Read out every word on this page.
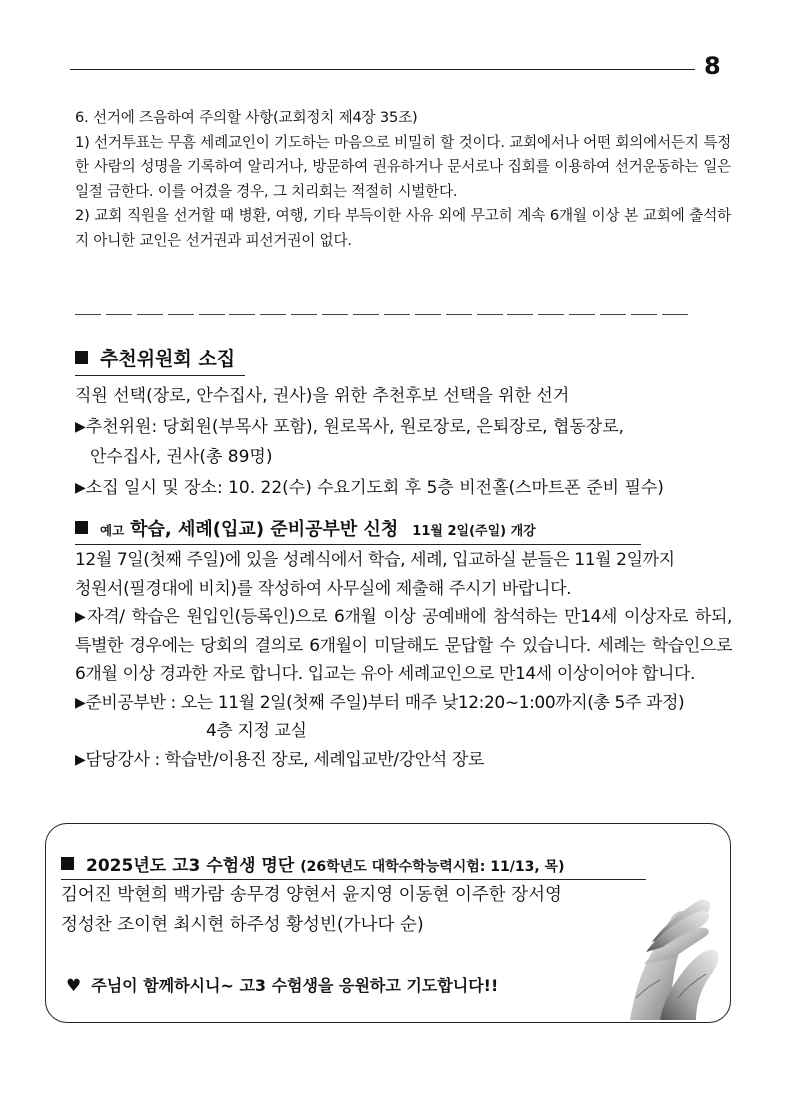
8

6. 선거에 즈음하여 주의할 사항(교회정치 제4장 35조)

1) 선거투표는 무흠 세례교인이 기도하는 마음으로 비밀히 할 것이다. 교회에서나 어떤 회의에서든지 특정한 사람의 성명을 기록하여 알리거나, 방문하여 권유하거나 문서로나 집회를 이용하여 선거운동하는 일은 일절 금한다. 이를 어겼을 경우, 그 치리회는 적절히 시벌한다.

2) 교회 직원을 선거할 때 병환, 여행, 기타 부득이한 사유 외에 무고히 계속 6개월 이상 본 교회에 출석하지 아니한 교인은 선거권과 피선거권이 없다.

추천위원회 소집

직원 선택(장로, 안수집사, 권사)을 위한 추천후보 선택을 위한 선거

▶추천위원: 당회원(부목사 포함), 원로목사, 원로장로, 은퇴장로, 협동장로,

안수집사, 권사(총 89명)

▶소집 일시 및 장소: 10. 22(수) 수요기도회 후 5층 비전홀(스마트폰 준비 필수)

예고 학습, 세례(입교) 준비공부반 신청 11월 2일(주일) 개강

12월 7일(첫째 주일)에 있을 성례식에서 학습, 세례, 입교하실 분들은 11월 2일까지

청원서(필경대에 비치)를 작성하여 사무실에 제출해 주시기 바랍니다.

▶자격/ 학습은 원입인(등록인)으로 6개월 이상 공예배에 참석하는 만14세 이상자로 하되, 특별한 경우에는 당회의 결의로 6개월이 미달해도 문답할 수 있습니다. 세례는 학습인으로 6개월 이상 경과한 자로 합니다. 입교는 유아 세례교인으로 만14세 이상이어야 합니다.

▶준비공부반 : 오는 11월 2일(첫째 주일)부터 매주 낮12:20~1:00까지(총 5주 과정)

4층 지정 교실

▶담당강사 : 학습반/이용진 장로, 세례입교반/강안석 장로

2025년도 고3 수험생 명단 (26학년도 대학수학능력시험: 11/13, 목)

김어진 박현희 백가람 송무경 양현서 윤지영 이동현 이주한 장서영

정성찬 조이현 최시현 하주성 황성빈(가나다 순)

♥ 주님이 함께하시니~ 고3 수험생을 응원하고 기도합니다!!
